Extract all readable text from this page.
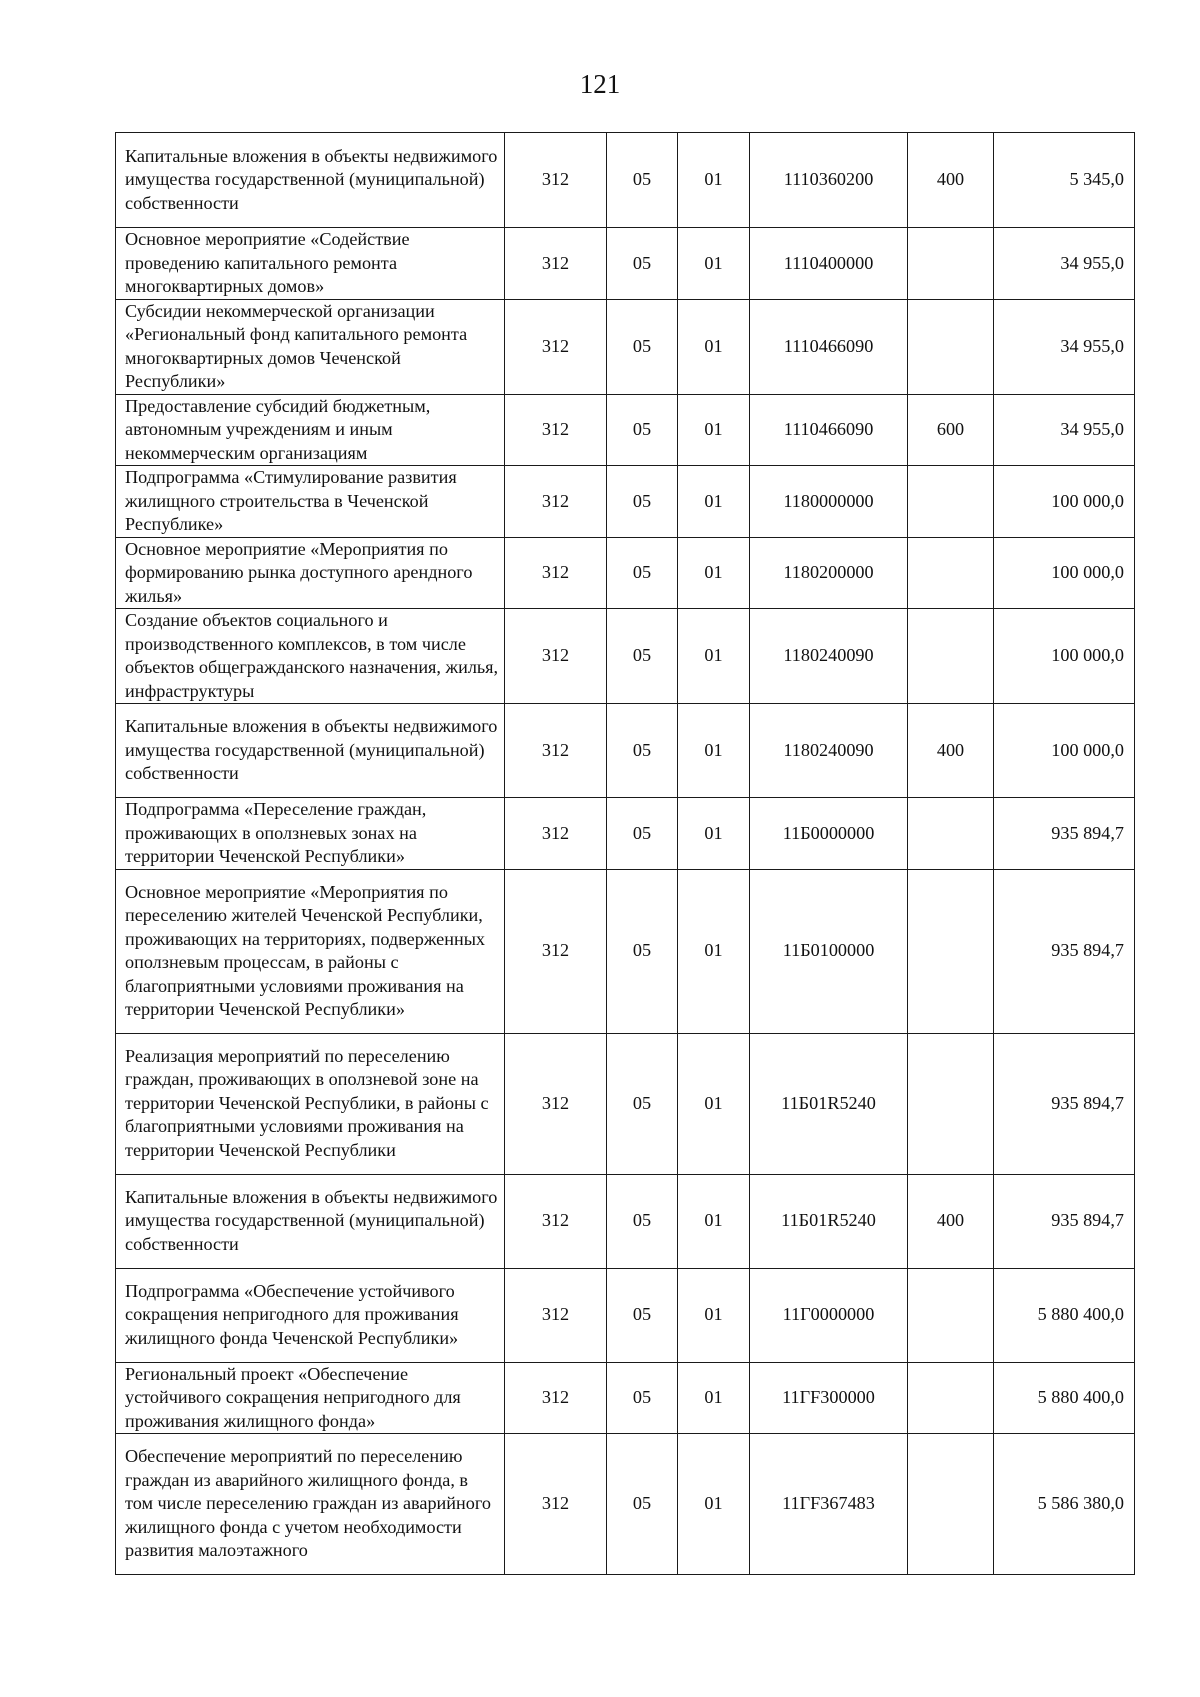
121
Капитальные вложения в объекты недвижимого имущества государственной (муниципальной) собственности	312	05	01	1110360200	400	5 345,0
Основное мероприятие «Содействие проведению капитального ремонта многоквартирных домов»	312	05	01	1110400000		34 955,0
Субсидии некоммерческой организации «Региональный фонд капитального ремонта многоквартирных домов Чеченской Республики»	312	05	01	1110466090		34 955,0
Предоставление субсидий бюджетным, автономным учреждениям и иным некоммерческим организациям	312	05	01	1110466090	600	34 955,0
Подпрограмма «Стимулирование развития жилищного строительства в Чеченской Республике»	312	05	01	1180000000		100 000,0
Основное мероприятие «Мероприятия по формированию рынка доступного арендного жилья»	312	05	01	1180200000		100 000,0
Создание объектов социального и производственного комплексов, в том числе объектов общегражданского назначения, жилья, инфраструктуры	312	05	01	1180240090		100 000,0
Капитальные вложения в объекты недвижимого имущества государственной (муниципальной) собственности	312	05	01	1180240090	400	100 000,0
Подпрограмма «Переселение граждан, проживающих в оползневых зонах на территории Чеченской Республики»	312	05	01	11Б0000000		935 894,7
Основное мероприятие «Мероприятия по переселению жителей Чеченской Республики, проживающих на территориях, подверженных оползневым процессам, в районы с благоприятными условиями проживания на территории Чеченской Республики»	312	05	01	11Б0100000		935 894,7
Реализация мероприятий по переселению граждан, проживающих в оползневой зоне на территории Чеченской Республики, в районы с благоприятными условиями проживания на территории Чеченской Республики	312	05	01	11Б01R5240		935 894,7
Капитальные вложения в объекты недвижимого имущества государственной (муниципальной) собственности	312	05	01	11Б01R5240	400	935 894,7
Подпрограмма «Обеспечение устойчивого сокращения непригодного для проживания жилищного фонда Чеченской Республики»	312	05	01	11Г0000000		5 880 400,0
Региональный проект «Обеспечение устойчивого сокращения непригодного для проживания жилищного фонда»	312	05	01	11ГF300000		5 880 400,0
Обеспечение мероприятий по переселению граждан из аварийного жилищного фонда, в том числе переселению граждан из аварийного жилищного фонда с учетом необходимости развития малоэтажного	312	05	01	11ГF367483		5 586 380,0
